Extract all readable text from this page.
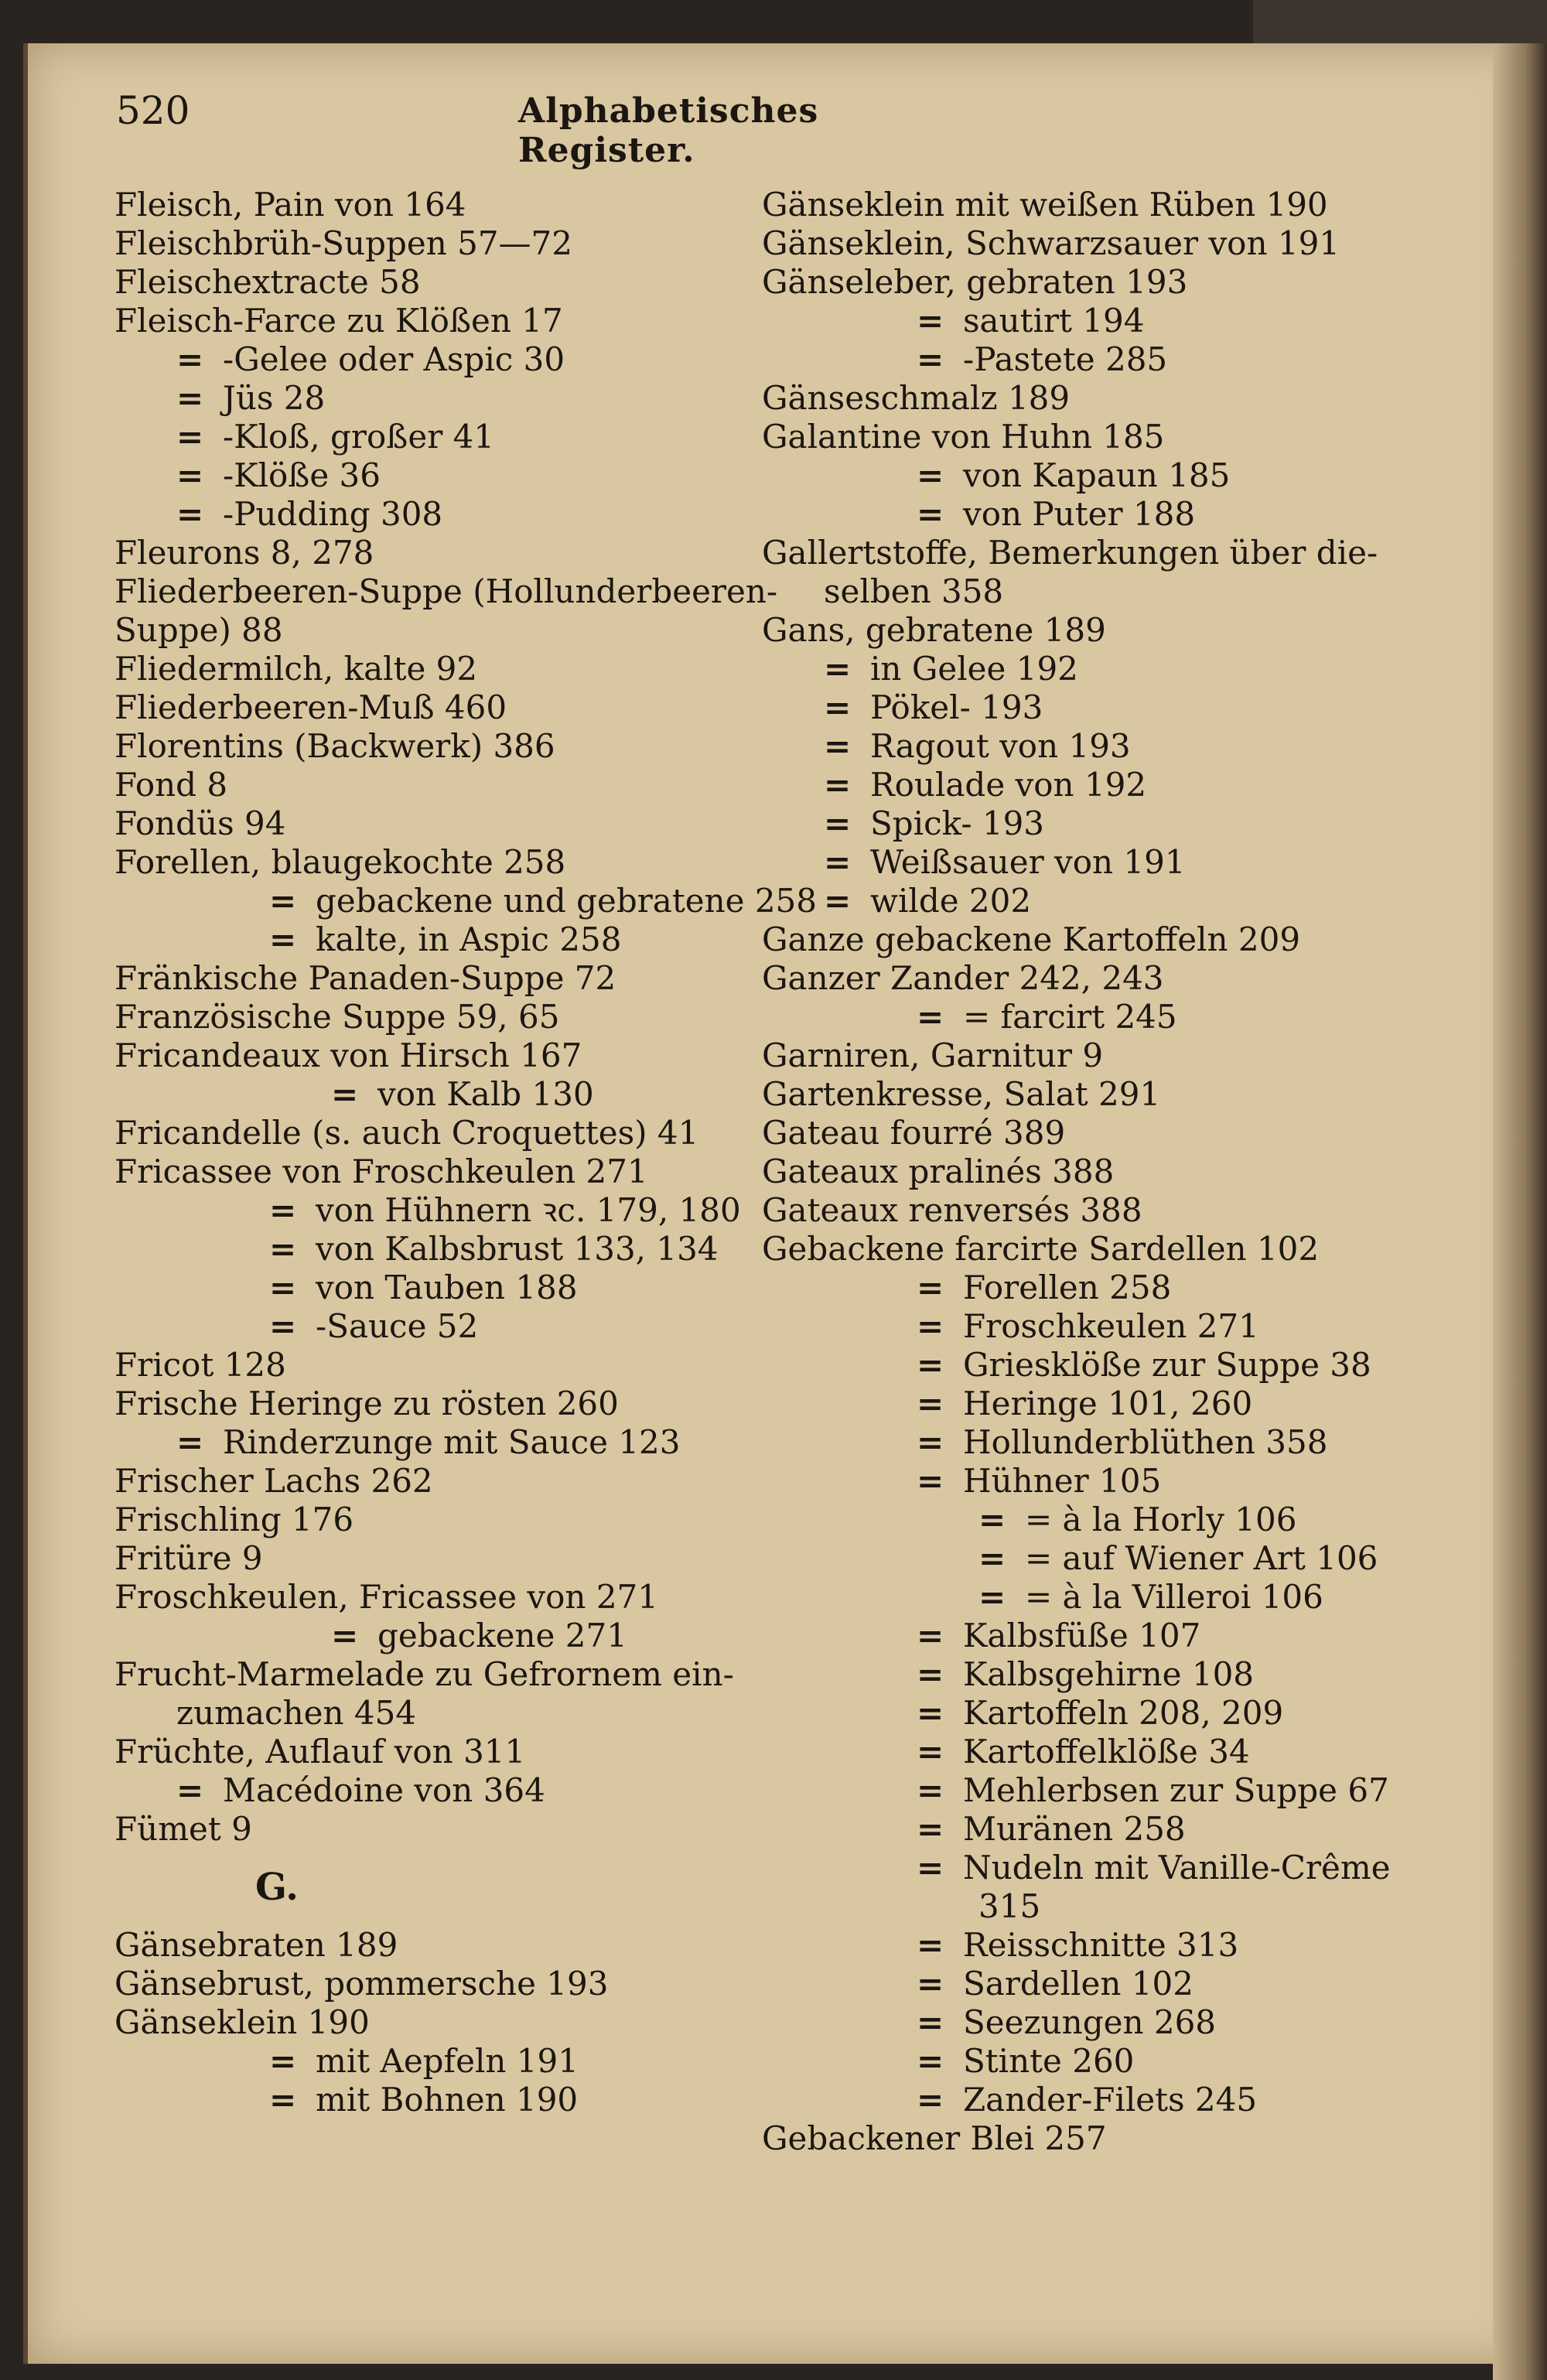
520	Alphabetisches Register.
Fleisch, Pain von 164
Fleischbrüh-Suppen 57—72
Fleischextracte 58
Fleisch-Farce zu Klößen 17
= -Gelee oder Aspic 30
= Jüs 28
= -Kloß, großer 41
= -Klöße 36
= -Pudding 308
Fleurons 8, 278
Fliederbeeren-Suppe (Hollunderbeeren-
Suppe) 88
Fliedermilch, kalte 92
Fliederbeeren-Muß 460
Florentins (Backwerk) 386
Fond 8
Fondüs 94
Forellen, blaugekochte 258
= gebackene und gebratene 258
= kalte, in Aspic 258
Fränkische Panaden-Suppe 72
Französische Suppe 59, 65
Fricandeaux von Hirsch 167
= von Kalb 130
Fricandelle (s. auch Croquettes) 41
Fricassee von Froschkeulen 271
= von Hühnern ꝛc. 179, 180
= von Kalbsbrust 133, 134
= von Tauben 188
= -Sauce 52
Fricot 128
Frische Heringe zu rösten 260
= Rinderzunge mit Sauce 123
Frischer Lachs 262
Frischling 176
Fritüre 9
Froschkeulen, Fricassee von 271
= gebackene 271
Frucht-Marmelade zu Gefrornem ein-
zumachen 454
Früchte, Auflauf von 311
= Macédoine von 364
Fümet 9
G.
Gänsebraten 189
Gänsebrust, pommersche 193
Gänseklein 190
= mit Aepfeln 191
= mit Bohnen 190
Gänseklein mit weißen Rüben 190
Gänseklein, Schwarzsauer von 191
Gänseleber, gebraten 193
= sautirt 194
= -Pastete 285
Gänseschmalz 189
Galantine von Huhn 185
= von Kapaun 185
= von Puter 188
Gallertstoffe, Bemerkungen über die-
selben 358
Gans, gebratene 189
= in Gelee 192
= Pökel- 193
= Ragout von 193
= Roulade von 192
= Spick- 193
= Weißsauer von 191
= wilde 202
Ganze gebackene Kartoffeln 209
Ganzer Zander 242, 243
= = farcirt 245
Garniren, Garnitur 9
Gartenkresse, Salat 291
Gateau fourré 389
Gateaux pralinés 388
Gateaux renversés 388
Gebackene farcirte Sardellen 102
= Forellen 258
= Froschkeulen 271
= Griesklöße zur Suppe 38
= Heringe 101, 260
= Hollunderblüthen 358
= Hühner 105
= = à la Horly 106
= = auf Wiener Art 106
= = à la Villeroi 106
= Kalbsfüße 107
= Kalbsgehirne 108
= Kartoffeln 208, 209
= Kartoffelklöße 34
= Mehlerbsen zur Suppe 67
= Muränen 258
= Nudeln mit Vanille-Crême
315
= Reisschnitte 313
= Sardellen 102
= Seezungen 268
= Stinte 260
= Zander-Filets 245
Gebackener Blei 257
